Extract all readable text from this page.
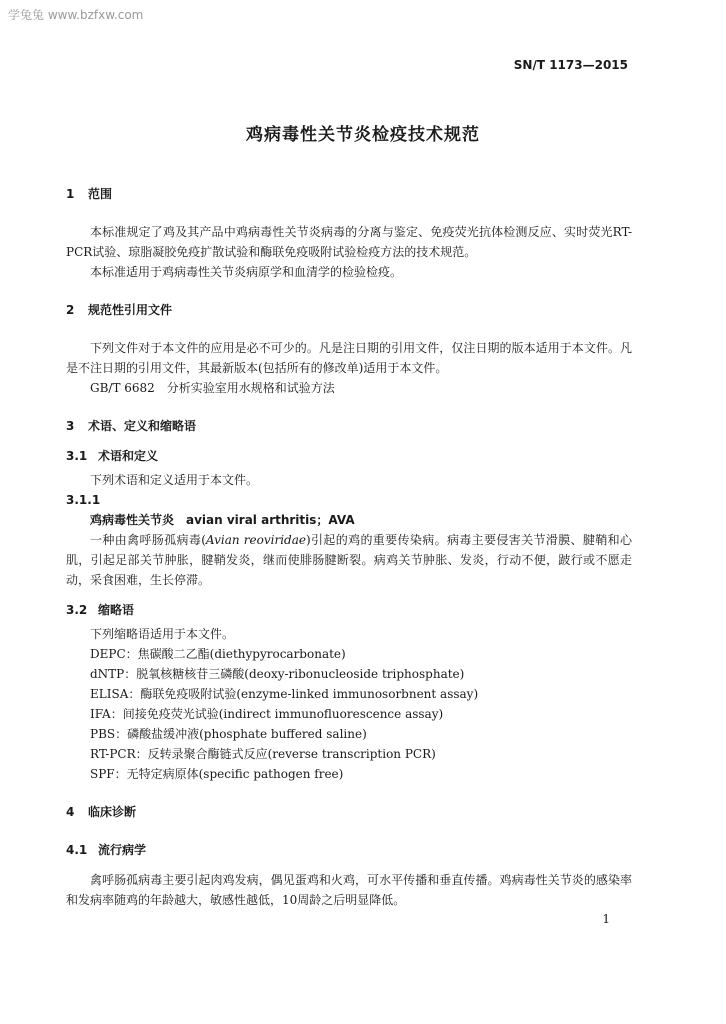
学兔兔 www.bzfxw.com
SN/T 1173—2015
鸡病毒性关节炎检疫技术规范
1 范围
本标准规定了鸡及其产品中鸡病毒性关节炎病毒的分离与鉴定、免疫荧光抗体检测反应、实时荧光RT-PCR试验、琼脂凝胶免疫扩散试验和酶联免疫吸附试验检疫方法的技术规范。
本标准适用于鸡病毒性关节炎病原学和血清学的检验检疫。
2 规范性引用文件
下列文件对于本文件的应用是必不可少的。凡是注日期的引用文件，仅注日期的版本适用于本文件。凡是不注日期的引用文件，其最新版本(包括所有的修改单)适用于本文件。
GB/T 6682　分析实验室用水规格和试验方法
3 术语、定义和缩略语
3.1 术语和定义
下列术语和定义适用于本文件。
3.1.1
鸡病毒性关节炎　avian viral arthritis；AVA
一种由禽呼肠孤病毒(Avian reoviridae)引起的鸡的重要传染病。病毒主要侵害关节滑膜、腱鞘和心肌，引起足部关节肿胀，腱鞘发炎，继而使腓肠腱断裂。病鸡关节肿胀、发炎，行动不便，跛行或不愿走动，采食困难，生长停滞。
3.2 缩略语
下列缩略语适用于本文件。
DEPC：焦碳酸二乙酯(diethypyrocarbonate)
dNTP：脱氧核糖核苷三磷酸(deoxy-ribonucleoside triphosphate)
ELISA：酶联免疫吸附试验(enzyme-linked immunosorbnent assay)
IFA：间接免疫荧光试验(indirect immunofluorescence assay)
PBS：磷酸盐缓冲液(phosphate buffered saline)
RT-PCR：反转录聚合酶链式反应(reverse transcription PCR)
SPF：无特定病原体(specific pathogen free)
4 临床诊断
4.1 流行病学
禽呼肠孤病毒主要引起肉鸡发病，偶见蛋鸡和火鸡，可水平传播和垂直传播。鸡病毒性关节炎的感染率和发病率随鸡的年龄越大，敏感性越低，10周龄之后明显降低。
1
